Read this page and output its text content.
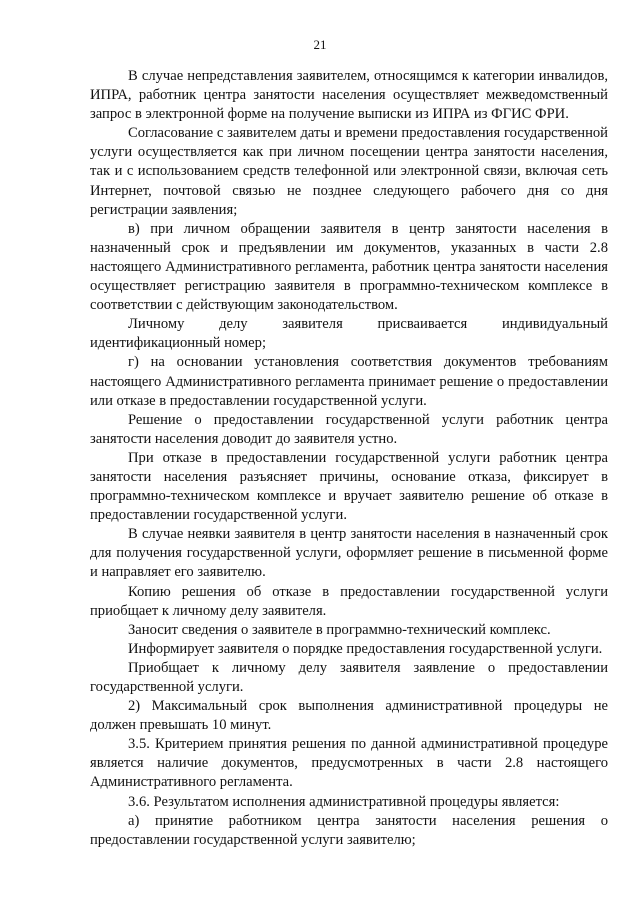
21

В случае непредставления заявителем, относящимся к категории инвалидов, ИПРА, работник центра занятости населения осуществляет межведомственный запрос в электронной форме на получение выписки из ИПРА из ФГИС ФРИ.

Согласование с заявителем даты и времени предоставления государственной услуги осуществляется как при личном посещении центра занятости населения, так и с использованием средств телефонной или электронной связи, включая сеть Интернет, почтовой связью не позднее следующего рабочего дня со дня регистрации заявления;

в) при личном обращении заявителя в центр занятости населения в назначенный срок и предъявлении им документов, указанных в части 2.8 настоящего Административного регламента, работник центра занятости населения осуществляет регистрацию заявителя в программно-техническом комплексе в соответствии с действующим законодательством.

Личному делу заявителя присваивается индивидуальный идентификационный номер;

г) на основании установления соответствия документов требованиям настоящего Административного регламента принимает решение о предоставлении или отказе в предоставлении государственной услуги.

Решение о предоставлении государственной услуги работник центра занятости населения доводит до заявителя устно.

При отказе в предоставлении государственной услуги работник центра занятости населения разъясняет причины, основание отказа, фиксирует в программно-техническом комплексе и вручает заявителю решение об отказе в предоставлении государственной услуги.

В случае неявки заявителя в центр занятости населения в назначенный срок для получения государственной услуги, оформляет решение в письменной форме и направляет его заявителю.

Копию решения об отказе в предоставлении государственной услуги приобщает к личному делу заявителя.

Заносит сведения о заявителе в программно-технический комплекс.

Информирует заявителя о порядке предоставления государственной услуги.

Приобщает к личному делу заявителя заявление о предоставлении государственной услуги.

2) Максимальный срок выполнения административной процедуры не должен превышать 10 минут.

3.5. Критерием принятия решения по данной административной процедуре является наличие документов, предусмотренных в части 2.8 настоящего Административного регламента.

3.6. Результатом исполнения административной процедуры является:

а) принятие работником центра занятости населения решения о предоставлении государственной услуги заявителю;
